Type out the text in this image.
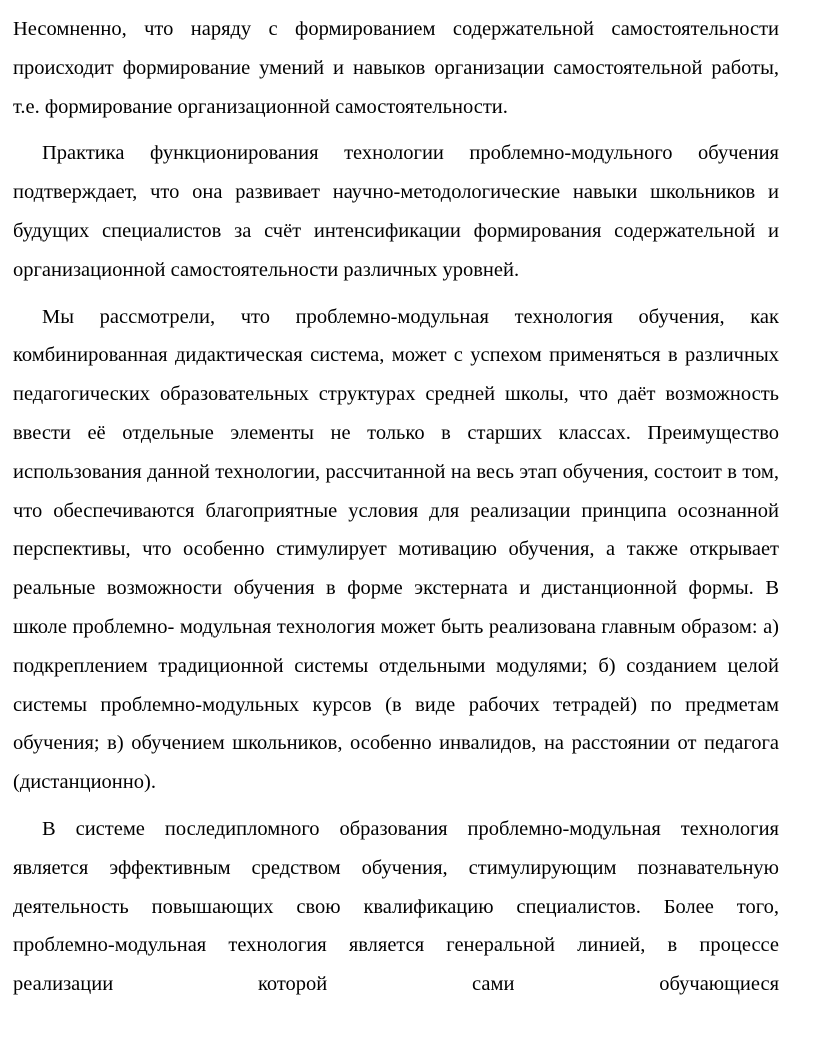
Несомненно, что наряду с формированием содержательной самостоятельности происходит формирование умений и навыков организации самостоятельной работы, т.е. формирование организационной самостоятельности.

Практика функционирования технологии проблемно-модульного обучения подтверждает, что она развивает научно-методологические навыки школьников и будущих специалистов за счёт интенсификации формирования содержательной и организационной самостоятельности различных уровней.

Мы рассмотрели, что проблемно-модульная технология обучения, как комбинированная дидактическая система, может с успехом применяться в различных педагогических образовательных структурах средней школы, что даёт возможность ввести её отдельные элементы не только в старших классах. Преимущество использования данной технологии, рассчитанной на весь этап обучения, состоит в том, что обеспечиваются благоприятные условия для реализации принципа осознанной перспективы, что особенно стимулирует мотивацию обучения, а также открывает реальные возможности обучения в форме экстерната и дистанционной формы. В школе проблемно- модульная технология может быть реализована главным образом: а) подкреплением традиционной системы отдельными модулями; б) созданием целой системы проблемно-модульных курсов (в виде рабочих тетрадей) по предметам обучения; в) обучением школьников, особенно инвалидов, на расстоянии от педагога (дистанционно).

В системе последипломного образования проблемно-модульная технология является эффективным средством обучения, стимулирующим познавательную деятельность повышающих свою квалификацию специалистов. Более того, проблемно-модульная технология является генеральной линией, в процессе реализации которой сами обучающиеся
